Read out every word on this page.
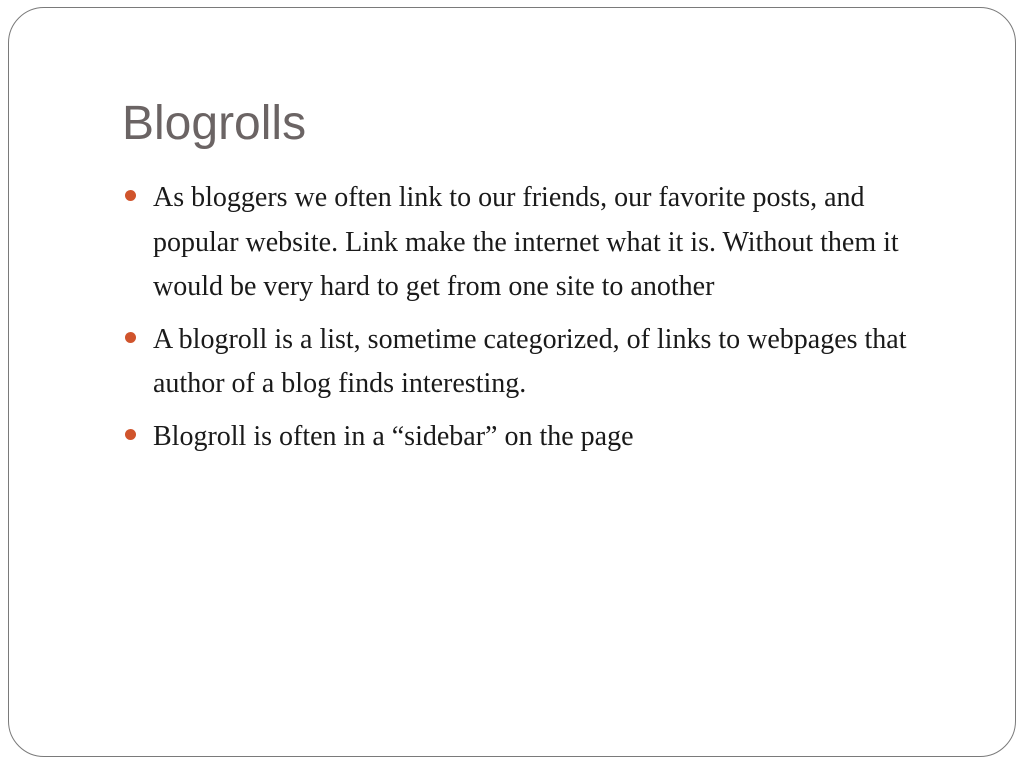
Blogrolls
As bloggers we often link to our friends, our favorite posts, and popular website. Link make the internet what it is. Without them it would be very hard to get from one site to another
A blogroll is a list, sometime categorized, of links to webpages that author of a blog finds interesting.
Blogroll is often in a “sidebar” on the page
